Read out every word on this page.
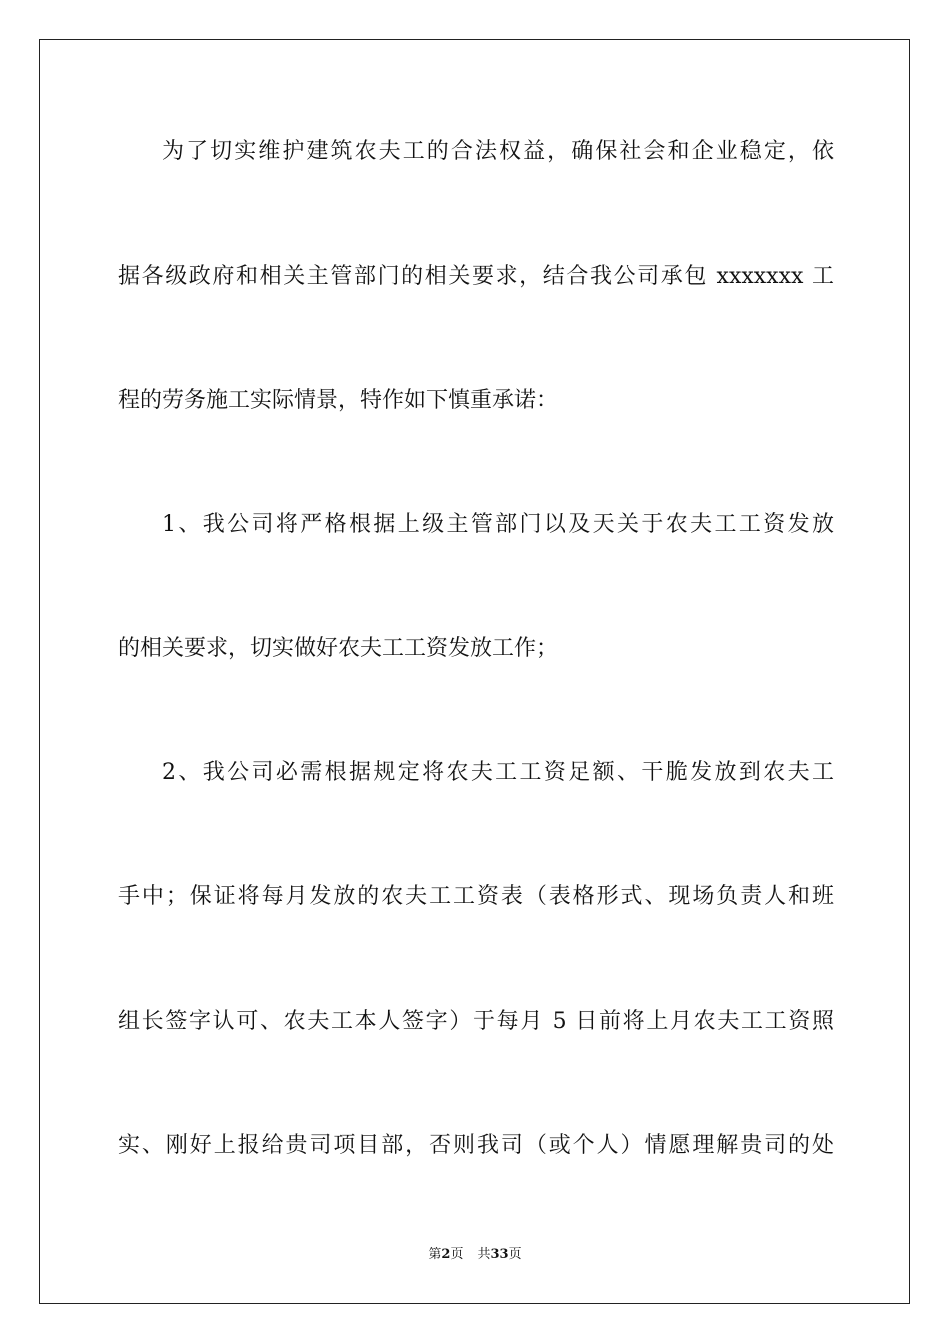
为了切实维护建筑农夫工的合法权益，确保社会和企业稳定，依
据各级政府和相关主管部门的相关要求，结合我公司承包 xxxxxxx 工
程的劳务施工实际情景，特作如下慎重承诺：
1、我公司将严格根据上级主管部门以及天关于农夫工工资发放
的相关要求，切实做好农夫工工资发放工作；
2、我公司必需根据规定将农夫工工资足额、干脆发放到农夫工
手中；保证将每月发放的农夫工工资表（表格形式、现场负责人和班
组长签字认可、农夫工本人签字）于每月 5 日前将上月农夫工工资照
实、刚好上报给贵司项目部，否则我司（或个人）情愿理解贵司的处
第2页 共33页
